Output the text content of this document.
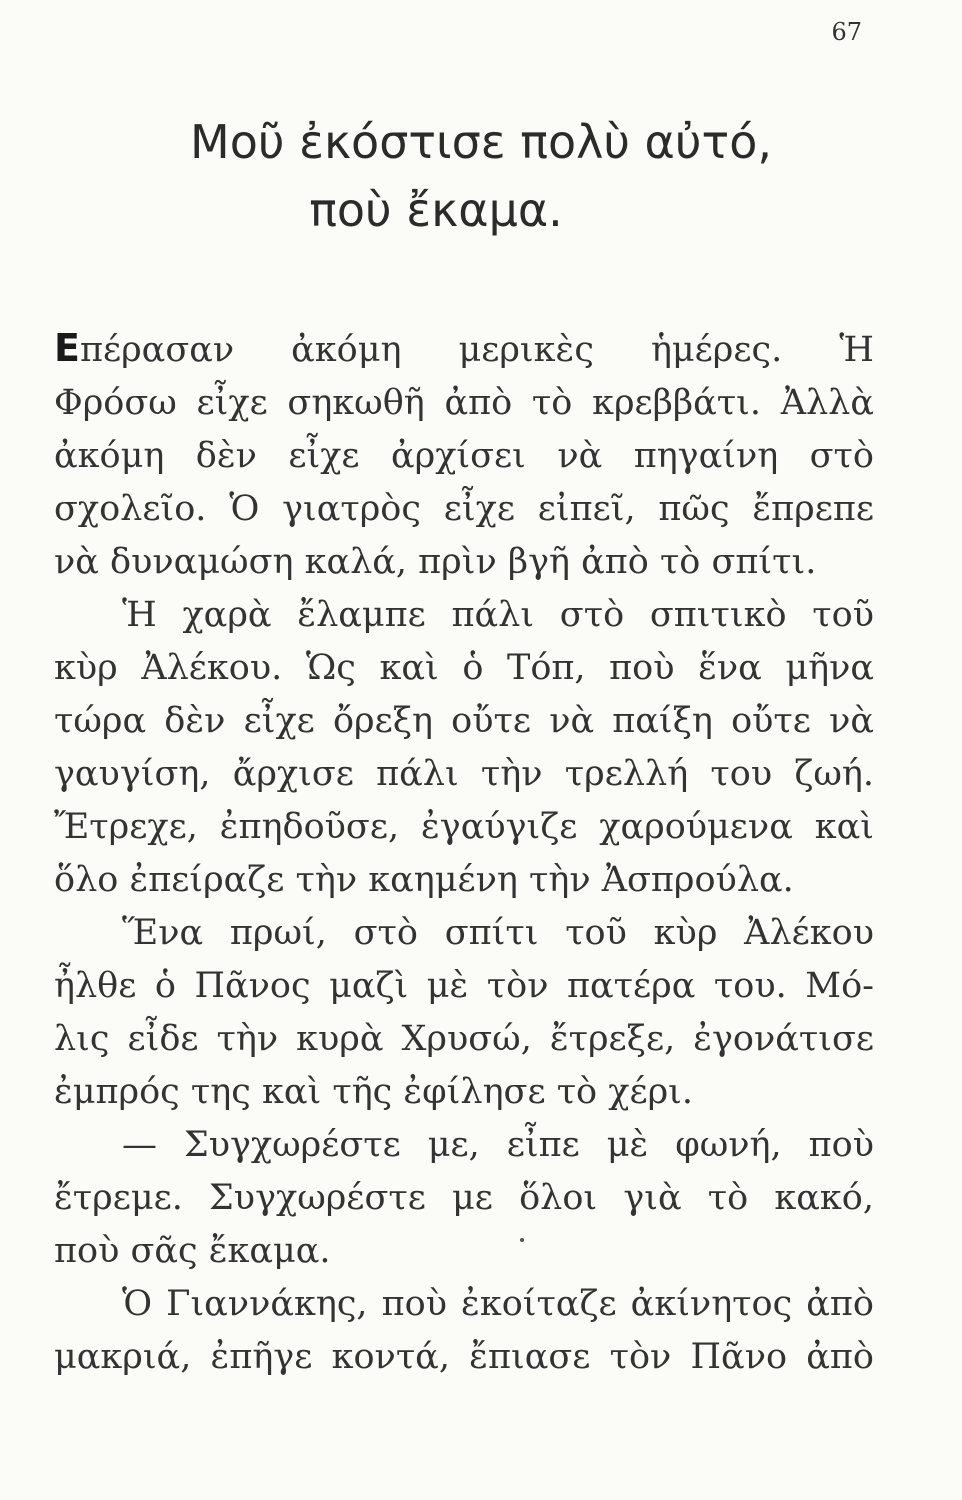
67
Μοῦ ἐκόστισε πολὺ αὐτό,
ποὺ ἔκαμα.
Επέρασαν ἀκόμη μερικὲς ἡμέρες. Ἡ
Φρόσω εἶχε σηκωθῆ ἀπὸ τὸ κρεββάτι. Ἀλλὰ
ἀκόμη δὲν εἶχε ἀρχίσει νὰ πηγαίνη στὸ
σχολεῖο. Ὁ γιατρὸς εἶχε εἰπεῖ, πῶς ἔπρεπε
νὰ δυναμώση καλά, πρὶν βγῆ ἀπὸ τὸ σπίτι.
Ἡ χαρὰ ἔλαμπε πάλι στὸ σπιτικὸ τοῦ
κὺρ Ἀλέκου. Ὡς καὶ ὁ Τόπ, ποὺ ἕνα μῆνα
τώρα δὲν εἶχε ὄρεξη οὔτε νὰ παίξη οὔτε νὰ
γαυγίση, ἄρχισε πάλι τὴν τρελλή του ζωή.
Ἔτρεχε, ἐπηδοῦσε, ἐγαύγιζε χαρούμενα καὶ
ὅλο ἐπείραζε τὴν καημένη τὴν Ἀσπρούλα.
Ἕνα πρωί, στὸ σπίτι τοῦ κὺρ Ἀλέκου
ἦλθε ὁ Πᾶνος μαζὶ μὲ τὸν πατέρα του. Μό-
λις εἶδε τὴν κυρὰ Χρυσώ, ἔτρεξε, ἐγονάτισε
ἐμπρός της καὶ τῆς ἐφίλησε τὸ χέρι.
— Συγχωρέστε με, εἶπε μὲ φωνή, ποὺ
ἔτρεμε. Συγχωρέστε με ὅλοι γιὰ τὸ κακό,
ποὺ σᾶς ἔκαμα.
Ὁ Γιαννάκης, ποὺ ἐκοίταζε ἀκίνητος ἀπὸ
μακριά, ἐπῆγε κοντά, ἔπιασε τὸν Πᾶνο ἀπὸ
